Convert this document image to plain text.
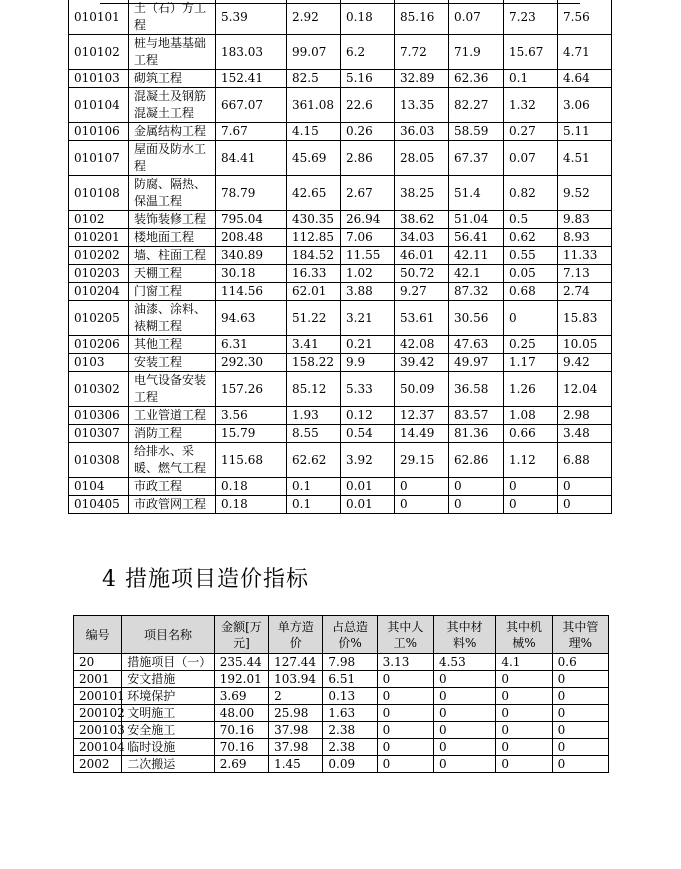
010101	土（石）方工程	5.39	2.92	0.18	85.16	0.07	7.23	7.56
010102	桩与地基基础工程	183.03	99.07	6.2	7.72	71.9	15.67	4.71
010103	砌筑工程	152.41	82.5	5.16	32.89	62.36	0.1	4.64
010104	混凝土及钢筋混凝土工程	667.07	361.08	22.6	13.35	82.27	1.32	3.06
010106	金属结构工程	7.67	4.15	0.26	36.03	58.59	0.27	5.11
010107	屋面及防水工程	84.41	45.69	2.86	28.05	67.37	0.07	4.51
010108	防腐、隔热、保温工程	78.79	42.65	2.67	38.25	51.4	0.82	9.52
0102	装饰装修工程	795.04	430.35	26.94	38.62	51.04	0.5	9.83
010201	楼地面工程	208.48	112.85	7.06	34.03	56.41	0.62	8.93
010202	墙、柱面工程	340.89	184.52	11.55	46.01	42.11	0.55	11.33
010203	天棚工程	30.18	16.33	1.02	50.72	42.1	0.05	7.13
010204	门窗工程	114.56	62.01	3.88	9.27	87.32	0.68	2.74
010205	油漆、涂料、裱糊工程	94.63	51.22	3.21	53.61	30.56	0	15.83
010206	其他工程	6.31	3.41	0.21	42.08	47.63	0.25	10.05
0103	安装工程	292.30	158.22	9.9	39.42	49.97	1.17	9.42
010302	电气设备安装工程	157.26	85.12	5.33	50.09	36.58	1.26	12.04
010306	工业管道工程	3.56	1.93	0.12	12.37	83.57	1.08	2.98
010307	消防工程	15.79	8.55	0.54	14.49	81.36	0.66	3.48
010308	给排水、采暖、燃气工程	115.68	62.62	3.92	29.15	62.86	1.12	6.88
0104	市政工程	0.18	0.1	0.01	0	0	0	0
010405	市政管网工程	0.18	0.1	0.01	0	0	0	0
4 措施项目造价指标
编号	项目名称	金额[万元]	单方造价	占总造价%	其中人工%	其中材料%	其中机械%	其中管理%
20	措施项目（一）	235.44	127.44	7.98	3.13	4.53	4.1	0.6
2001	安文措施	192.01	103.94	6.51	0	0	0	0
200101	环境保护	3.69	2	0.13	0	0	0	0
200102	文明施工	48.00	25.98	1.63	0	0	0	0
200103	安全施工	70.16	37.98	2.38	0	0	0	0
200104	临时设施	70.16	37.98	2.38	0	0	0	0
2002	二次搬运	2.69	1.45	0.09	0	0	0	0
